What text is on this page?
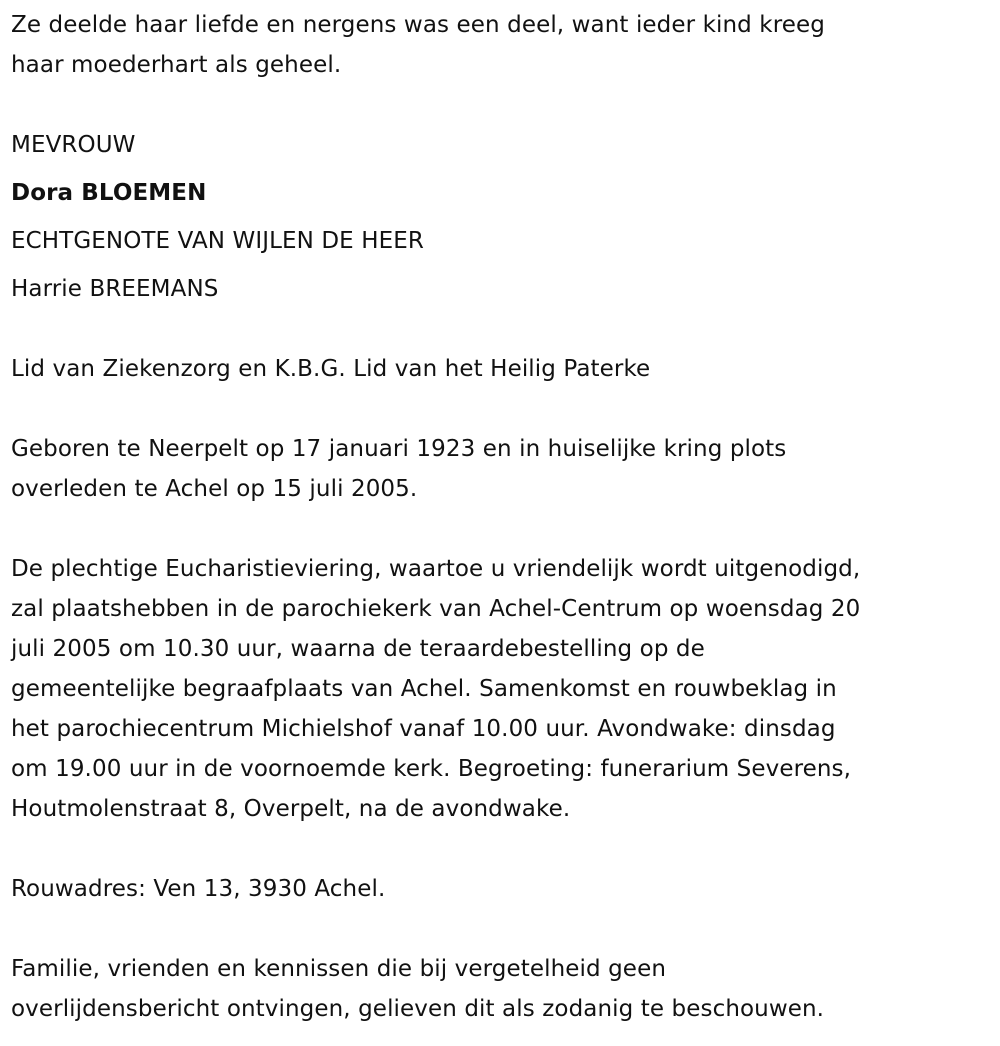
Ze deelde haar liefde en nergens was een deel, want ieder kind kreeg

haar moederhart als geheel.

MEVROUW

Dora BLOEMEN

ECHTGENOTE VAN WIJLEN DE HEER

Harrie BREEMANS

Lid van Ziekenzorg en K.B.G. Lid van het Heilig Paterke

Geboren te Neerpelt op 17 januari 1923 en in huiselijke kring plots

overleden te Achel op 15 juli 2005.

De plechtige Eucharistieviering, waartoe u vriendelijk wordt uitgenodigd,

zal plaatshebben in de parochiekerk van Achel-Centrum op woensdag 20

juli 2005 om 10.30 uur, waarna de teraardebestelling op de

gemeentelijke begraafplaats van Achel. Samenkomst en rouwbeklag in

het parochiecentrum Michielshof vanaf 10.00 uur. Avondwake: dinsdag

om 19.00 uur in de voornoemde kerk. Begroeting: funerarium Severens,

Houtmolenstraat 8, Overpelt, na de avondwake.

Rouwadres: Ven 13, 3930 Achel.

Familie, vrienden en kennissen die bij vergetelheid geen

overlijdensbericht ontvingen, gelieven dit als zodanig te beschouwen.
